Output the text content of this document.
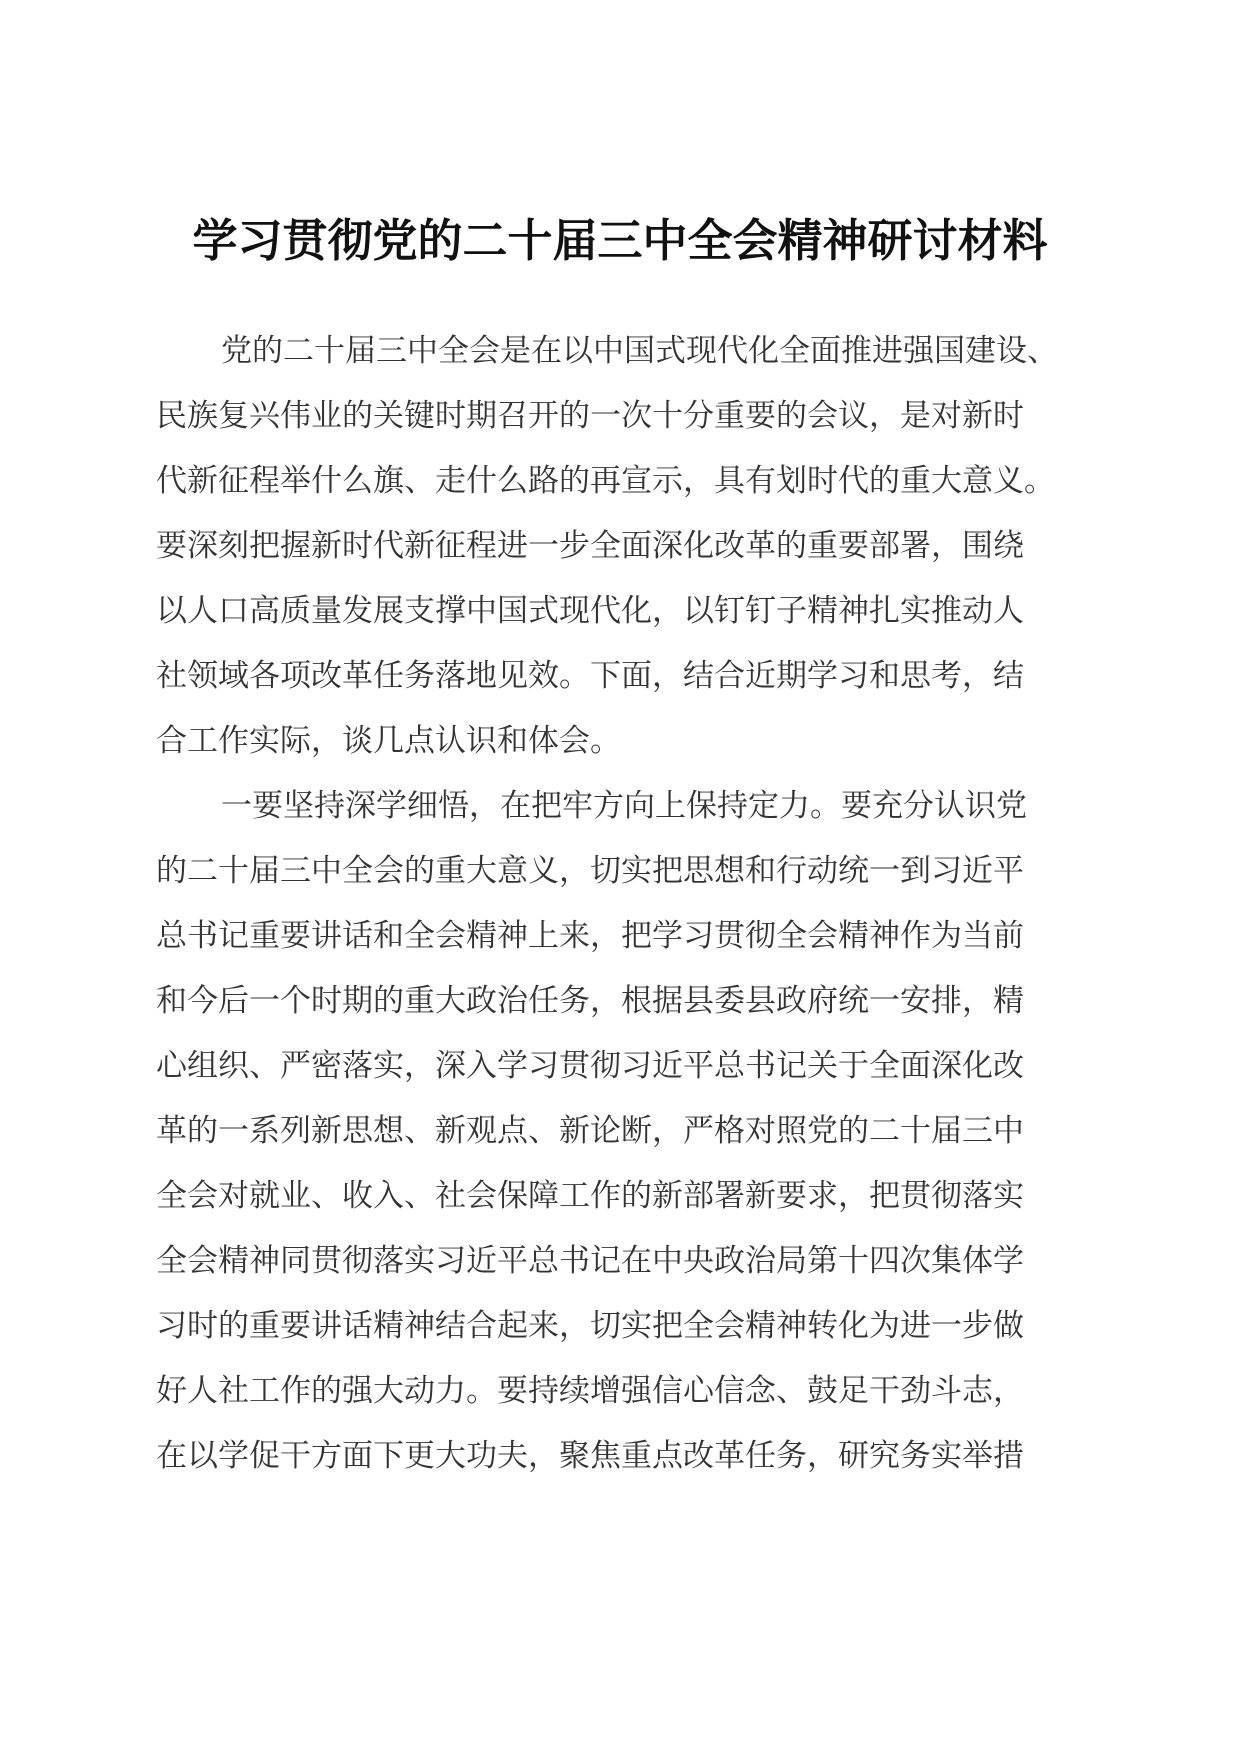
学习贯彻党的二十届三中全会精神研讨材料
党的二十届三中全会是在以中国式现代化全面推进强国建设、
民族复兴伟业的关键时期召开的一次十分重要的会议，是对新时
代新征程举什么旗、走什么路的再宣示，具有划时代的重大意义。
要深刻把握新时代新征程进一步全面深化改革的重要部署，围绕
以人口高质量发展支撑中国式现代化，以钉钉子精神扎实推动人
社领域各项改革任务落地见效。下面，结合近期学习和思考，结
合工作实际，谈几点认识和体会。
一要坚持深学细悟，在把牢方向上保持定力。要充分认识党
的二十届三中全会的重大意义，切实把思想和行动统一到习近平
总书记重要讲话和全会精神上来，把学习贯彻全会精神作为当前
和今后一个时期的重大政治任务，根据县委县政府统一安排，精
心组织、严密落实，深入学习贯彻习近平总书记关于全面深化改
革的一系列新思想、新观点、新论断，严格对照党的二十届三中
全会对就业、收入、社会保障工作的新部署新要求，把贯彻落实
全会精神同贯彻落实习近平总书记在中央政治局第十四次集体学
习时的重要讲话精神结合起来，切实把全会精神转化为进一步做
好人社工作的强大动力。要持续增强信心信念、鼓足干劲斗志，
在以学促干方面下更大功夫，聚焦重点改革任务，研究务实举措
